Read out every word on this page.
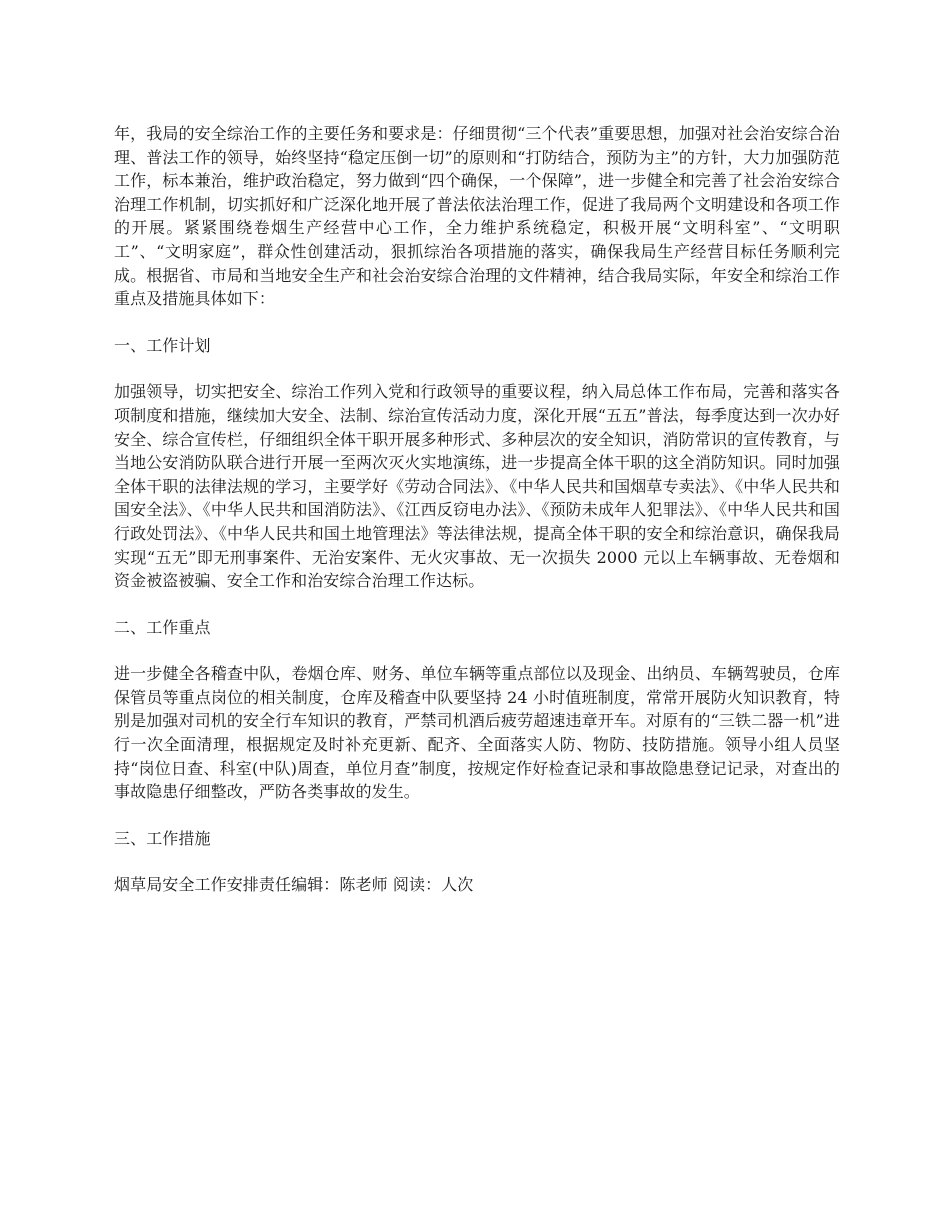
年，我局的安全综治工作的主要任务和要求是：仔细贯彻“三个代表”重要思想，加强对社会治安综合治理、普法工作的领导，始终坚持“稳定压倒一切”的原则和“打防结合，预防为主”的方针，大力加强防范工作，标本兼治，维护政治稳定，努力做到“四个确保，一个保障”，进一步健全和完善了社会治安综合治理工作机制，切实抓好和广泛深化地开展了普法依法治理工作，促进了我局两个文明建设和各项工作的开展。紧紧围绕卷烟生产经营中心工作，全力维护系统稳定，积极开展“文明科室”、“文明职工”、“文明家庭”，群众性创建活动，狠抓综治各项措施的落实，确保我局生产经营目标任务顺利完成。根据省、市局和当地安全生产和社会治安综合治理的文件精神，结合我局实际，年安全和综治工作重点及措施具体如下：

一、工作计划

加强领导，切实把安全、综治工作列入党和行政领导的重要议程，纳入局总体工作布局，完善和落实各项制度和措施，继续加大安全、法制、综治宣传活动力度，深化开展“五五”普法，每季度达到一次办好安全、综合宣传栏，仔细组织全体干职开展多种形式、多种层次的安全知识，消防常识的宣传教育，与当地公安消防队联合进行开展一至两次灭火实地演练，进一步提高全体干职的这全消防知识。同时加强全体干职的法律法规的学习，主要学好《劳动合同法》、《中华人民共和国烟草专卖法》、《中华人民共和国安全法》、《中华人民共和国消防法》、《江西反窃电办法》、《预防未成年人犯罪法》、《中华人民共和国行政处罚法》、《中华人民共和国土地管理法》等法律法规，提高全体干职的安全和综治意识，确保我局实现“五无”即无刑事案件、无治安案件、无火灾事故、无一次损失 2000 元以上车辆事故、无卷烟和资金被盗被骗、安全工作和治安综合治理工作达标。

二、工作重点

进一步健全各稽查中队，卷烟仓库、财务、单位车辆等重点部位以及现金、出纳员、车辆驾驶员，仓库保管员等重点岗位的相关制度，仓库及稽查中队要坚持 24 小时值班制度，常常开展防火知识教育，特别是加强对司机的安全行车知识的教育，严禁司机酒后疲劳超速违章开车。对原有的“三铁二器一机”进行一次全面清理，根据规定及时补充更新、配齐、全面落实人防、物防、技防措施。领导小组人员坚持“岗位日查、科室(中队)周查，单位月查”制度，按规定作好检查记录和事故隐患登记记录，对查出的事故隐患仔细整改，严防各类事故的发生。

三、工作措施

烟草局安全工作安排责任编辑：陈老师 阅读：人次
